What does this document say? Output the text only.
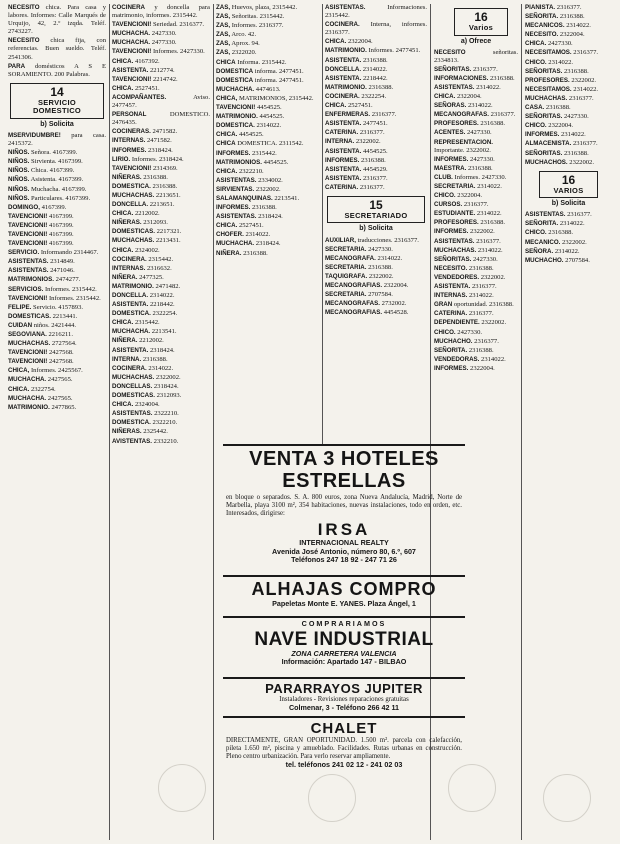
NECESITO chica. Para casa y labores. Informes: Calle Marqués de Urquijo, 42, 2.º izqda. Teléf. 2743227.

NECESITO chica fija, con referencias. Buen sueldo. Teléf. 2541306.

PARA domésticos A S E SORAMIENTO. 200 Palabras.

14
SERVICIO DOMESTICO
b) Solicita

MSERVIDUMBRE! para casa. 2415372.

NIÑOS. Señora. 4167399.

NIÑOS. Sirvienta. 4167399.

NIÑOS. Chica. 4167399.

NIÑOS. Asistenta. 4167399.

NIÑOS. Muchacha. 4167399.

NIÑOS. Particulares. 4167399.

DOMINGO, 4167399.

TAVENCIONI! 4167399.

TAVENCIONI! 4167399.

TAVENCIONI! 4167399.

TAVENCIONI! 4167399.

SERVICIO. Informando 2314467.

ASISTENTAS. 2314849.

ASISTENTAS. 2471046.

MATRIMONIOS. 2474277.

SERVICIOS. Informes. 2315442.

TAVENCIONI! Informes. 2315442.

FELIPE. Servicio. 4157893.

DOMESTICAS. 2213441.

CUIDAN niños. 2421444.

SEGOVIANA. 2216211.

MUCHACHAS. 2727564.

TAVENCIONI! 2427568.

TAVENCIONI! 2427568.

CHICA, Informes. 2425567.

MUCHACHA. 2427565.

CHICA. 2322754.

MUCHACHA. 2427565.

MATRIMONIO. 2477865.

COCINERA y doncella para matrimonio, informes. 2315442.

TAVENCIONI! Seriedad. 2316377.

MUCHACHA. 2427330.

MUCHACHA. 2477330.

TAVENCIONI! Informes. 2427330.

CHICA. 4167392.

ASISTENTA. 2212774.

TAVENCIONI! 2214742.

CHICA. 2527451.

ACOMPAÑANTES. Aviso. 2477457.

PERSONAL DOMESTICO. 2476435.

COCINERAS. 2471582.

INTERNAS. 2471582.

INFORMES. 2318424.

LIRIO. Informes. 2318424.

TAVENCIONI! 2314369.

NIÑERAS. 2316388.

DOMESTICA. 2316388.

MUCHACHAS. 2213651.

DONCELLA. 2213651.

CHICA. 2212002.

NIÑERAS. 2312093.

DOMESTICAS. 2217321.

MUCHACHAS. 2213431.

CHICA. 2324002.

COCINERA. 2315442.

INTERNAS. 2316632.

NIÑERA. 2477325.

MATRIMONIO. 2471482.

DONCELLA. 2314022.

ASISTENTA. 2218442.

DOMESTICA. 2322254.

CHICA. 2315442.

MUCHACHA. 2213541.

NIÑERA. 2212002.

ASISTENTA. 2318424.

INTERNA. 2316388.

COCINERA. 2314022.

MUCHACHAS. 2322002.

DONCELLAS. 2318424.

DOMESTICAS. 2312093.

CHICA. 2324004.

ASISTENTAS. 2322210.

DOMESTICA. 2322210.

NIÑERAS. 2325442.

AVISTENTAS. 2332210.

ZAS, Huevos, plaza, 2315442.

ZAS, Señoritas. 2315442.

ZAS, Informes. 2316377.

ZAS, Arco. 42.

ZAS, Aprox. 94.

ZAS, 2322020.

CHICA Informa. 2315442.

DOMESTICA informa. 2477451.

DOMESTICA informa. 2477451.

MUCHACHA. 4474613.

CHICA, MATRIMONIOS, 2315442.

TAVENCIONI! 4454525.

MATRIMONIO. 4454525.

DOMESTICA. 2314022.

CHICA. 4454525.

CHICA DOMESTICA. 2311542.

INFORMES. 2315442.

MATRIMONIOS. 4454525.

CHICA. 2322210.

ASISTENTAS. 2334002.

SIRVIENTAS. 2322002.

SALAMANQUINAS. 2213541.

INFORMES. 2316388.

ASISTENTAS. 2318424.

CHICA. 2527451.

CHOFER. 2314022.

MUCHACHA. 2318424.

NIÑERA. 2316388.

ASISTENTAS. Informaciones. 2315442.

COCINERA. Interna, informes. 2316377.

CHICA. 2322004.

MATRIMONIO. Informes. 2477451.

ASISTENTA. 2316388.

DONCELLA. 2314022.

ASISTENTA. 2218442.

MATRIMONIO. 2316388.

COCINERA. 2322254.

CHICA. 2527451.

ENFERMERAS. 2316377.

ASISTENTA. 2477451.

CATERINA. 2316377.

INTERNA. 2322002.

ASISTENTA. 4454525.

INFORMES. 2316388.

ASISTENTA. 4454529.

ASISTENTA. 2316377.

CATERINA. 2316377.

15
SECRETARIADO
b) Solicita

AUXILIAR, traducciones. 2316377.

SECRETARIA. 2427330.

MECANOGRAFA. 2314022.

SECRETARIA. 2316388.

TAQUIGRAFA. 2322002.

MECANOGRAFIAS. 2322004.

SECRETARIA. 2707584.

MECANOGRAFAS. 2732002.

MECANOGRAFIAS. 4454528.

16
Varios
a) Ofrece

NECESITO señoritas. 2334813.

SEÑORITAS. 2316377.

INFORMACIONES. 2316388.

ASISTENTAS. 2314022.

CHICA. 2322004.

SEÑORAS. 2314022.

MECANOGRAFAS. 2316377.

PROFESORES. 2316388.

ACENTES. 2427330.

REPRESENTACION. Importante. 2322002.

INFORMES. 2427330.

MAESTRA. 2316388.

CLUB. Informes. 2427330.

SECRETARIA. 2314022.

CHICO. 2322004.

CURSOS. 2316377.

ESTUDIANTE. 2314022.

PROFESORES. 2316388.

INFORMES. 2322002.

ASISTENTAS. 2316377.

MUCHACHAS. 2314022.

SEÑORITAS. 2427330.

NECESITO. 2316388.

VENDEDORES. 2322002.

ASISTENTA. 2316377.

INTERNAS. 2314022.

GRAN oportunidad. 2316388.

CATERINA. 2316377.

DEPENDIENTE. 2322002.

CHICO. 2427330.

MUCHACHO. 2316377.

SEÑORITA. 2316388.

VENDEDORAS. 2314022.

INFORMES. 2322004.

PIANISTA. 2316377.

SEÑORITA. 2316388.

MECANICOS. 2314022.

NECESITO. 2322004.

CHICA. 2427330.

NECESITAMOS. 2316377.

CHICO. 2314022.

SEÑORITAS. 2316388.

PROFESORES. 2322002.

NECESITAMOS. 2314022.

MUCHACHAS. 2316377.

CASA. 2316388.

SEÑORITAS. 2427330.

CHICO. 2322004.

INFORMES. 2314022.

ALMACENISTA. 2316377.

SEÑORITAS. 2316388.

MUCHACHOS. 2322002.

16
VARIOS
b) Solicita

ASISTENTAS. 2316377.

SEÑORITA. 2314022.

CHICO. 2316388.

MECANICO. 2322002.

SEÑORA. 2314022.

MUCHACHO. 2707584.

VENTA 3 HOTELES ESTRELLAS
en bloque o separados. S. A. 800 euros, zona Nueva Andalucía, Madrid, Norte de Marbella, playa 3100 m², 354 habitaciones, nuevas instalaciones, todo en orden, etc. Interesados, dirigirse:
IRSA
INTERNACIONAL REALTY
Avenida José Antonio, número 80, 6.º, 607
Teléfonos 247 18 92 - 247 71 26
ALHAJAS COMPRO
Papeletas Monte E. YANES. Plaza Ángel, 1
COMPRARIAMOS
NAVE INDUSTRIAL
ZONA CARRETERA VALENCIA
Información: Apartado 147 - BILBAO
PARARRAYOS JUPITER
Instaladores - Revisiones reparaciones gratuitas
Colmenar, 3 - Teléfono 266 42 11
CHALET
DIRECTAMENTE, GRAN OPORTUNIDAD. 1.500 m². parcela con calefacción, pileta 1.650 m², piscina y amueblado. Facilidades. Rutas urbanas en construcción. Pleno centro urbanización. Para verlo reservar ampliamente.
tel. teléfonos 241 02 12 - 241 02 03
